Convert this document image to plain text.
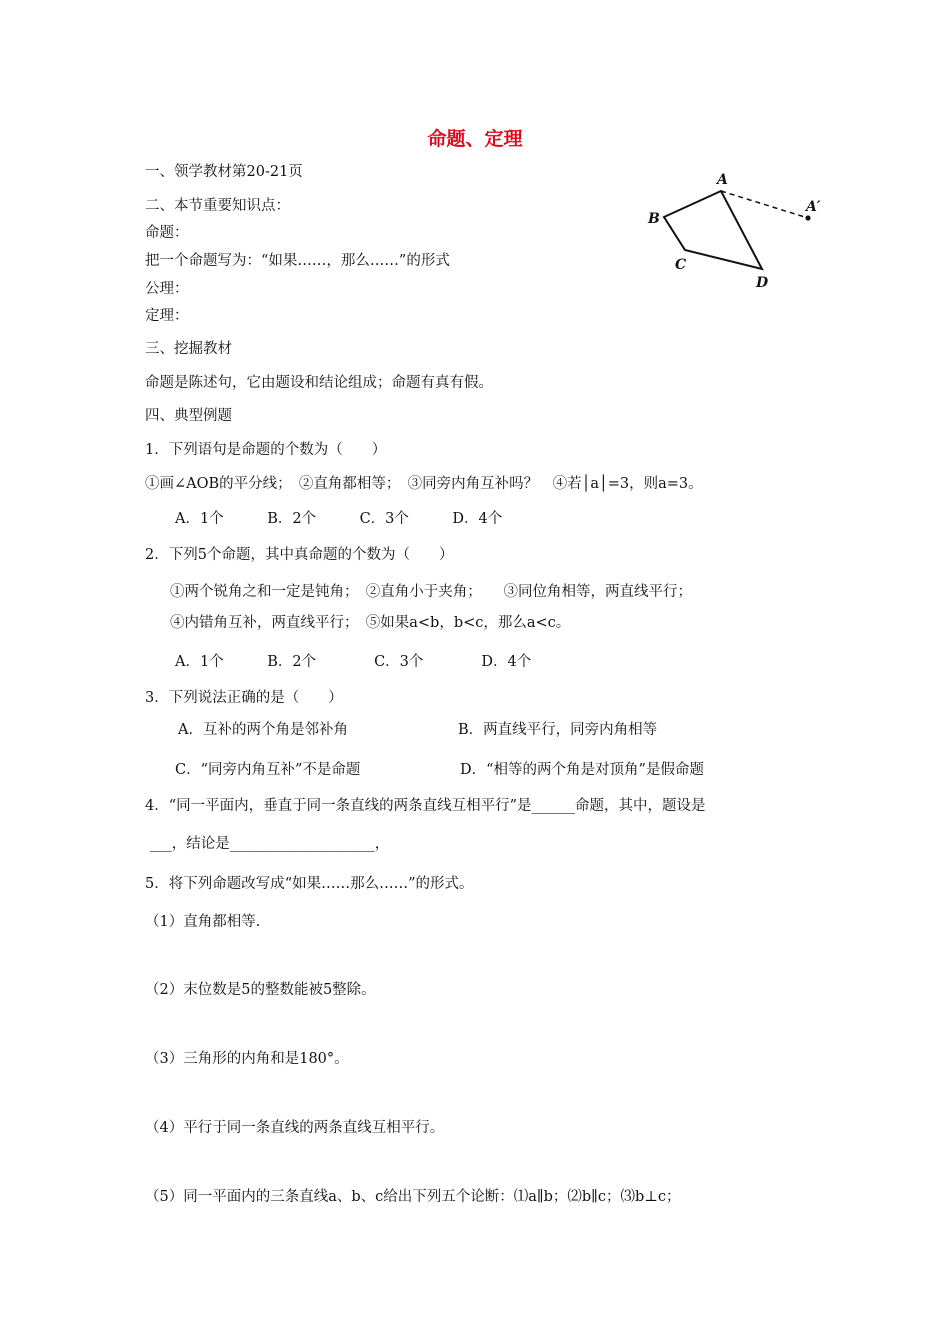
命题、定理
A
A′
B
C
D
一、领学教材第20-21页
二、本节重要知识点：
命题：
把一个命题写为：“如果……，那么……”的形式
公理：
定理：
三、挖掘教材
命题是陈述句，它由题设和结论组成；命题有真有假。
四、典型例题
1．下列语句是命题的个数为（　　）
①画∠AOB的平分线；　②直角都相等；　③同旁内角互补吗？　④若│a│=3，则a=3。
A．1个　　　B．2个　　　C．3个　　　D．4个
2．下列5个命题，其中真命题的个数为（　　）
①两个锐角之和一定是钝角；　②直角小于夹角；　　③同位角相等，两直线平行；
④内错角互补，两直线平行；　⑤如果a<b，b<c，那么a<c。
A．1个　　　B．2个　　　　C．3个　　　　D．4个
3．下列说法正确的是（　　）
A．互补的两个角是邻补角	B．两直线平行，同旁内角相等
C．“同旁内角互补”不是命题	D．“相等的两个角是对顶角”是假命题
4．“同一平面内，垂直于同一条直线的两条直线互相平行”是______命题，其中，题设是
___，结论是____________________，
5．将下列命题改写成“如果……那么……”的形式。
（1）直角都相等.
（2）末位数是5的整数能被5整除。
（3）三角形的内角和是180°。
（4）平行于同一条直线的两条直线互相平行。
（5）同一平面内的三条直线a、b、c给出下列五个论断：⑴a∥b；⑵b∥c；⑶b⊥c；
